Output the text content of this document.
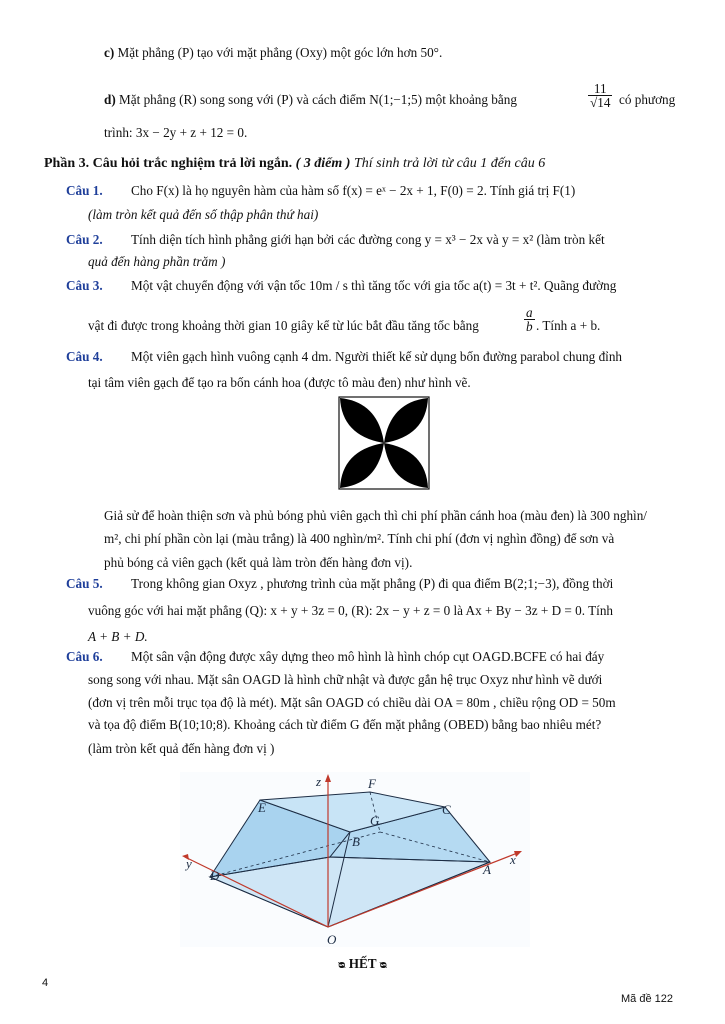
c) Mặt phẳng (P) tạo với mặt phẳng (Oxy) một góc lớn hơn 50°.
d) Mặt phẳng (R) song song với (P) và cách điểm N(1;−1;5) một khoảng bằng	$\frac{11}{√14}$ có phương
trình: 3x − 2y + z + 12 = 0.
Phần 3. Câu hỏi trắc nghiệm trả lời ngắn. ( 3 điểm ) Thí sinh trả lời từ câu 1 đến câu 6
Câu 1. Cho F(x) là họ nguyên hàm của hàm số f(x) = eˣ − 2x + 1, F(0) = 2. Tính giá trị F(1)
(làm tròn kết quả đến số thập phân thứ hai)
Câu 2. Tính diện tích hình phẳng giới hạn bởi các đường cong y = x³ − 2x và y = x² (làm tròn kết
quả đến hàng phần trăm )
Câu 3. Một vật chuyển động với vận tốc 10m / s thì tăng tốc với gia tốc a(t) = 3t + t². Quãng đường
vật đi được trong khoảng thời gian 10 giây kể từ lúc bắt đầu tăng tốc bằng	$\frac{a}{b}$ . Tính a + b.
Câu 4. Một viên gạch hình vuông cạnh 4 dm. Người thiết kế sử dụng bốn đường parabol chung đỉnh
tại tâm viên gạch để tạo ra bốn cánh hoa (được tô màu đen) như hình vẽ.
Giả sử để hoàn thiện sơn và phủ bóng phủ viên gạch thì chi phí phần cánh hoa (màu đen) là 300 nghìn/
m², chi phí phần còn lại (màu trắng) là 400 nghìn/m². Tính chi phí (đơn vị nghìn đồng) để sơn và
phủ bóng cả viên gạch (kết quả làm tròn đến hàng đơn vị).
Câu 5. Trong không gian Oxyz , phương trình của mặt phẳng (P) đi qua điểm B(2;1;−3), đồng thời
vuông góc với hai mặt phẳng (Q): x + y + 3z = 0, (R): 2x − y + z = 0 là Ax + By − 3z + D = 0. Tính
A + B + D.
Câu 6. Một sân vận động được xây dựng theo mô hình là hình chóp cụt OAGD.BCFE có hai đáy
song song với nhau. Mặt sân OAGD là hình chữ nhật và được gắn hệ trục Oxyz như hình vẽ dưới
(đơn vị trên mỗi trục tọa độ là mét). Mặt sân OAGD có chiều dài OA = 80m , chiều rộng OD = 50m
và tọa độ điểm B(10;10;8). Khoảng cách từ điểm G đến mặt phẳng (OBED) bằng bao nhiêu mét?
(làm tròn kết quả đến hàng đơn vị )
z	F
E	C
G
B
y	x
D	A
O
ᴓ HẾT ᴓ
4
Mã đề 122
